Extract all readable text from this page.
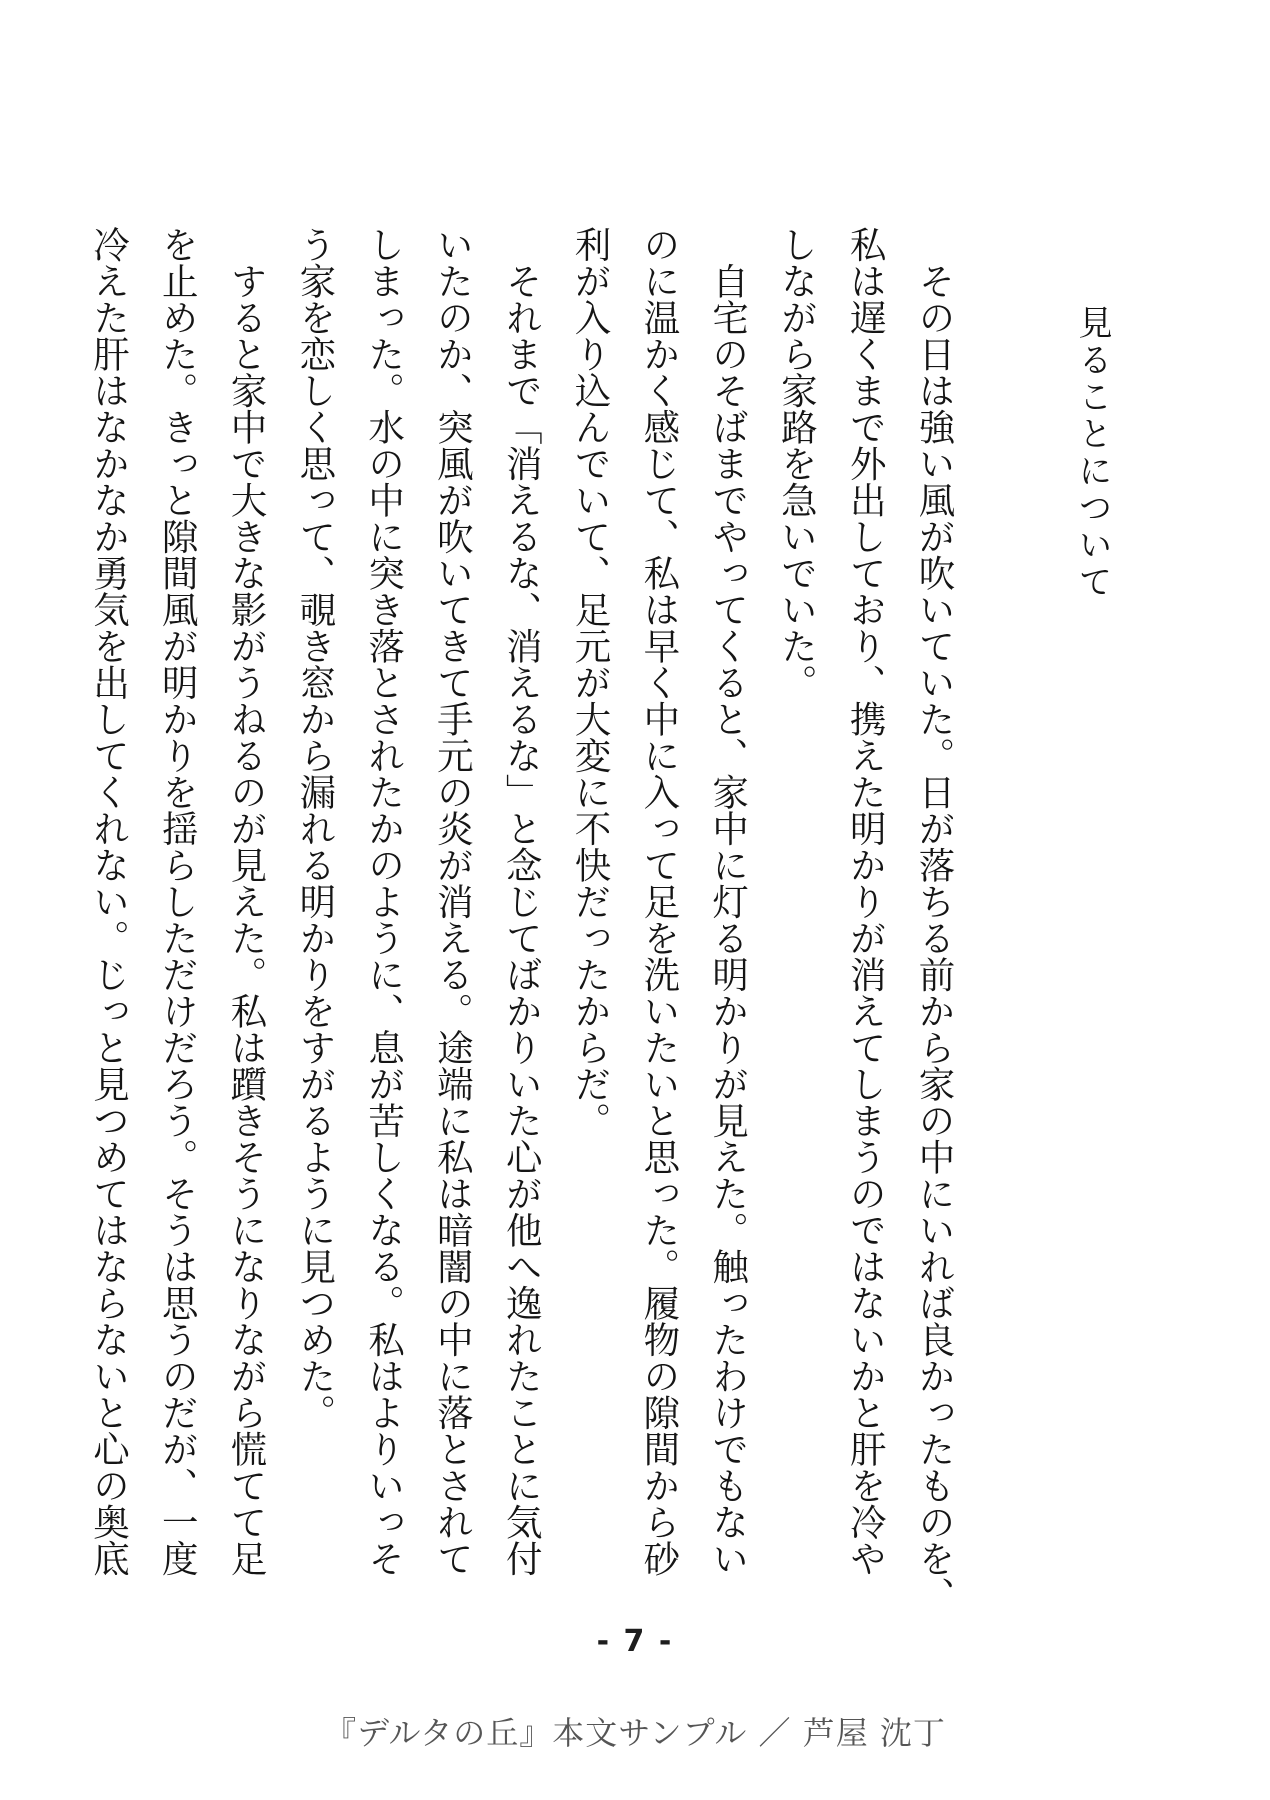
見ることについて
　その日は強い風が吹いていた。日が落ちる前から家の中にいれば良かったものを、
私は遅くまで外出しており、携えた明かりが消えてしまうのではないかと肝を冷や
しながら家路を急いでいた。
　自宅のそばまでやってくると、家中に灯る明かりが見えた。触ったわけでもない
のに温かく感じて、私は早く中に入って足を洗いたいと思った。履物の隙間から砂
利が入り込んでいて、足元が大変に不快だったからだ。
　それまで「消えるな、消えるな」と念じてばかりいた心が他へ逸れたことに気付
いたのか、突風が吹いてきて手元の炎が消える。途端に私は暗闇の中に落とされて
しまった。水の中に突き落とされたかのように、息が苦しくなる。私はよりいっそ
う家を恋しく思って、覗き窓から漏れる明かりをすがるように見つめた。
　すると家中で大きな影がうねるのが見えた。私は躓きそうになりながら慌てて足
を止めた。きっと隙間風が明かりを揺らしただけだろう。そうは思うのだが、一度
冷えた肝はなかなか勇気を出してくれない。じっと見つめてはならないと心の奥底
- 7 -
『デルタの丘』本文サンプル ／ 芦屋 沈丁
